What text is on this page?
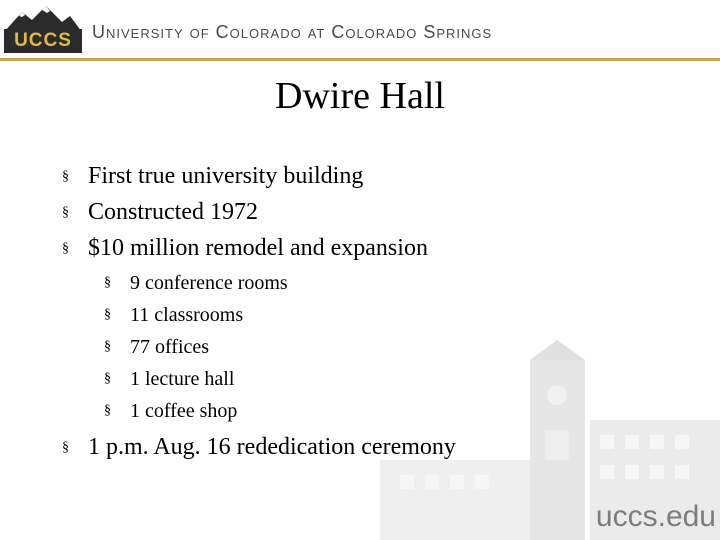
UCCS	University of Colorado at Colorado Springs
Dwire Hall
§ First true university building
§ Constructed 1972
§ $10 million remodel and expansion
§ 9 conference rooms
§ 11 classrooms
§ 77 offices
§ 1 lecture hall
§ 1 coffee shop
§ 1 p.m. Aug. 16 rededication ceremony
uccs.edu
